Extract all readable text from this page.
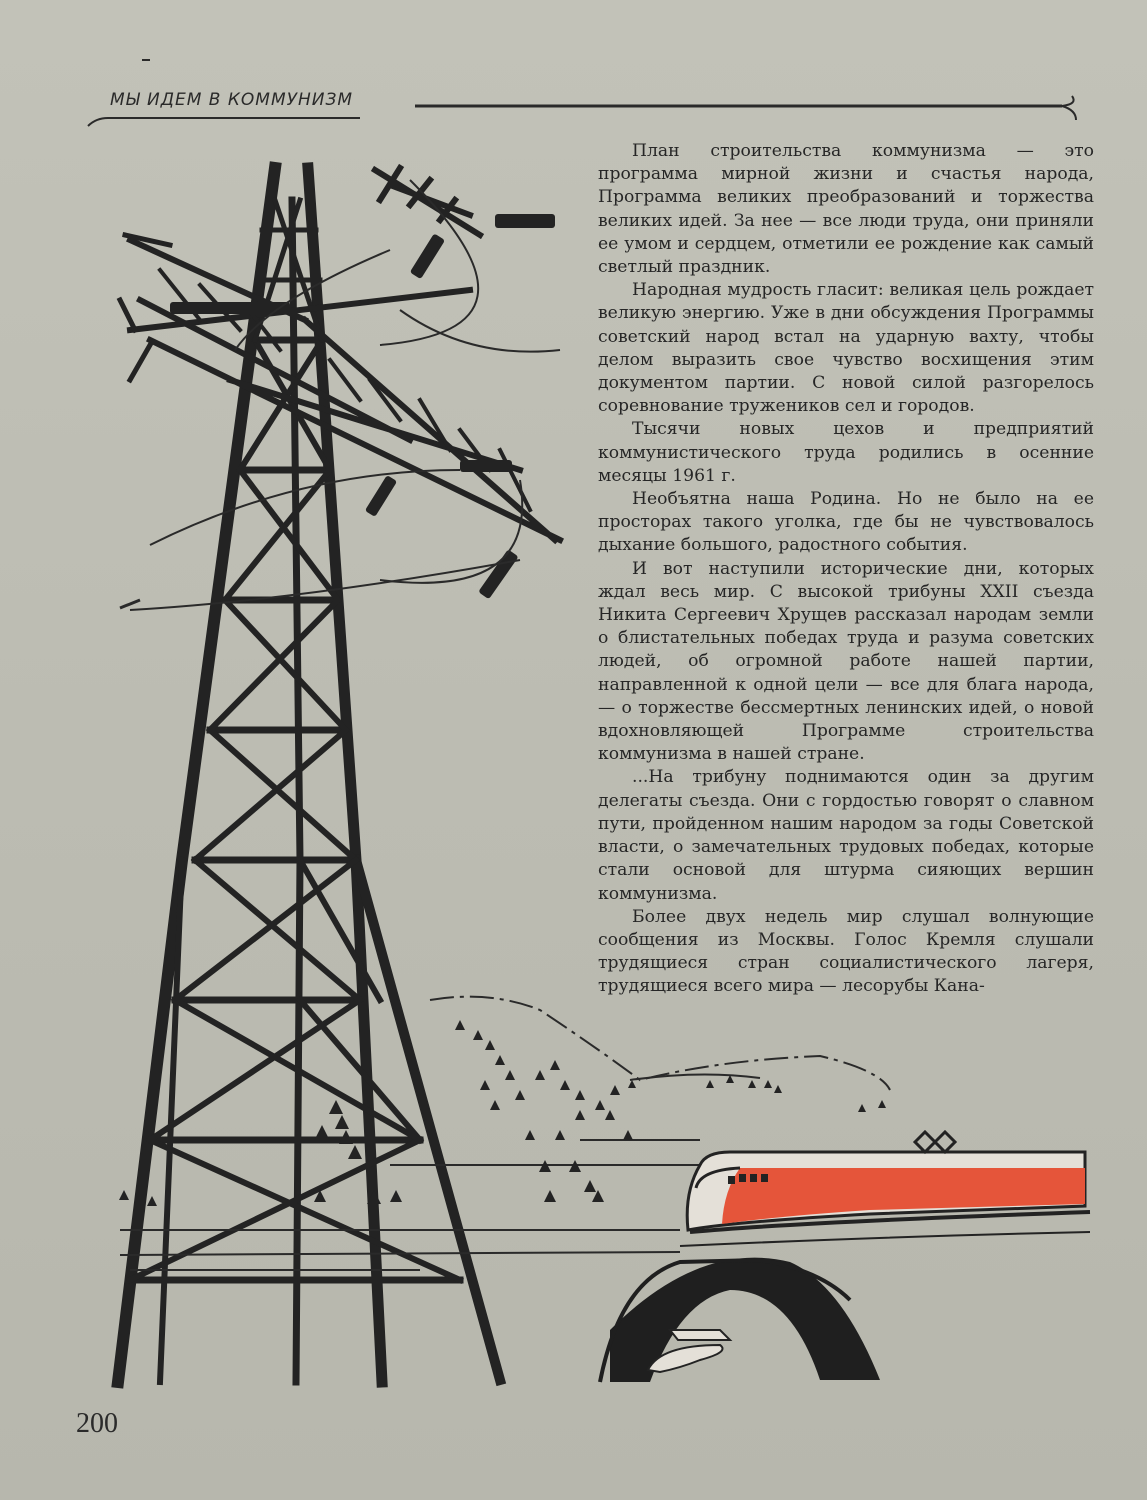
МЫ ИДЕМ В КОММУНИЗМ

План строительства коммунизма — это программа мирной жизни и счастья народа, Программа великих преобразований и торжества великих идей. За нее — все люди труда, они приняли ее умом и сердцем, отметили ее рождение как самый светлый праздник.

Народная мудрость гласит: великая цель рождает великую энергию. Уже в дни обсуждения Программы советский народ встал на ударную вахту, чтобы делом выразить свое чувство восхищения этим документом партии. С новой силой разгорелось соревнование тружеников сел и городов.

Тысячи новых цехов и предприятий коммунистического труда родились в осенние месяцы 1961 г.

Необъятна наша Родина. Но не было на ее просторах такого уголка, где бы не чувствовалось дыхание большого, радостного события.

И вот наступили исторические дни, которых ждал весь мир. С высокой трибуны XXII съезда Никита Сергеевич Хрущев рассказал народам земли о блистательных победах труда и разума советских людей, об огромной работе нашей партии, направленной к одной цели — все для блага народа,— о торжестве бессмертных ленинских идей, о новой вдохновляющей Программе строительства коммунизма в нашей стране.

...На трибуну поднимаются один за другим делегаты съезда. Они с гордостью говорят о славном пути, пройденном нашим народом за годы Советской власти, о замечательных трудовых победах, которые стали основой для штурма сияющих вершин коммунизма.

Более двух недель мир слушал волнующие сообщения из Москвы. Голос Кремля слушали трудящиеся стран социалистического лагеря, трудящиеся всего мира — лесорубы Кана-

200
